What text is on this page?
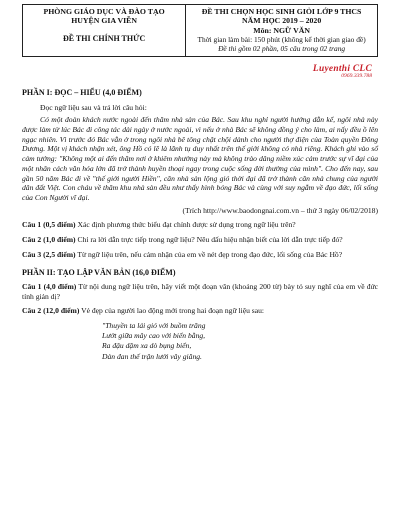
PHÒNG GIÁO DỤC VÀ ĐÀO TẠO
HUYỆN GIA VIỄN
ĐỀ THI CHÍNH THỨC

ĐỀ THI CHỌN HỌC SINH GIỎI LỚP 9 THCS
NĂM HỌC 2019 – 2020
Môn: NGỮ VĂN
Thời gian làm bài: 150 phút (không kể thời gian giao đề)
Đề thi gồm 02 phần, 05 câu trong 02 trang
Luyenthi CLC
0969.339.788
PHẦN I: ĐỌC – HIỂU (4,0 ĐIỂM)

Đọc ngữ liệu sau và trả lời câu hỏi:

Có một đoàn khách nước ngoài đến thăm nhà sàn của Bác. Sau khu nghỉ người hướng dẫn kể, ngôi nhà này được làm từ lúc Bác đi công tác dài ngày ở nước ngoài, vì nếu ở nhà Bác sẽ không đồng ý cho làm, ai nấy đều ồ lên ngạc nhiên. Vì trước đó Bác vẫn ở trong ngôi nhà bê tông chật chội dành cho người thợ điện của Toàn quyền Đông Dương. Một vị khách nhận xét, ông Hồ có lẽ là lãnh tụ duy nhất trên thế giới không có nhà riêng. Khách ghi vào sổ cảm tưởng: "Không một ai đến thăm nơi ở khiêm nhường này mà không trào dâng niềm xúc cảm trước sự vĩ đại của một nhân cách văn hóa lớn đã trở thành huyền thoại ngay trong cuộc sống đời thường của mình". Cho đến nay, sau gần 50 năm Bác đi về "thế giới người Hiền", căn nhà sàn lộng gió thời đại đã trở thành căn nhà chung của người dân đất Việt. Con cháu về thăm khu nhà sàn đều như thấy hình bóng Bác và cùng với suy ngẫm về đạo đức, lối sống của Con Người vĩ đại.

(Trích http://www.baodongnai.com.vn – thứ 3 ngày 06/02/2018)

Câu 1 (0,5 điểm) Xác định phương thức biểu đạt chính được sử dụng trong ngữ liệu trên?

Câu 2 (1,0 điểm) Chỉ ra lời dẫn trực tiếp trong ngữ liệu? Nêu dấu hiệu nhận biết của lời dẫn trực tiếp đó?

Câu 3 (2,5 điểm) Từ ngữ liệu trên, nếu cảm nhận của em về nét đẹp trong đạo đức, lối sống của Bác Hồ?

PHẦN II: TẠO LẬP VĂN BẢN (16,0 ĐIỂM)

Câu 1 (4,0 điểm) Từ nội dung ngữ liệu trên, hãy viết một đoạn văn (khoảng 200 từ) bày tỏ suy nghĩ của em về đức tính giản dị?

Câu 2 (12,0 điểm) Vẻ đẹp của người lao động mới trong hai đoạn ngữ liệu sau:

"Thuyền ta lái gió với buồm trăng
Lướt giữa mây cao với biển bằng,
Ra đậu dặm xa dò bụng biển,
Dàn đan thế trận lưới vây giăng.
